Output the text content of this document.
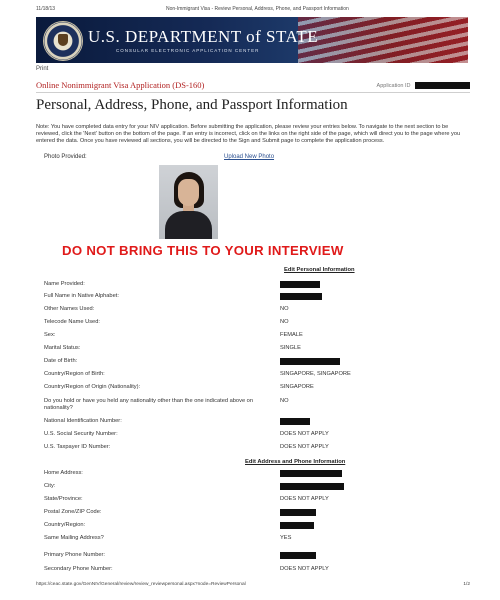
11/18/13	Non-Immigrant Visa - Review Personal, Address, Phone, and Passport Information
U.S. DEPARTMENT of STATE
CONSULAR ELECTRONIC APPLICATION CENTER
Print
Online Nonimmigrant Visa Application (DS-160)	Application ID
Personal, Address, Phone, and Passport Information
Note: You have completed data entry for your NIV application. Before submitting the application, please review your entries below. To navigate to the next section to be reviewed, click the 'Next' button on the bottom of the page. If an entry is incorrect, click on the links on the right side of the page, which will direct you to the page where you entered the data. Once you have reviewed all sections, you will be directed to the Sign and Submit page to complete the application process.
Photo Provided:	Upload New Photo
DO NOT BRING THIS TO YOUR INTERVIEW
Edit Personal Information
Name Provided:
Full Name in Native Alphabet:
Other Names Used:	NO
Telecode Name Used:	NO
Sex:	FEMALE
Marital Status:	SINGLE
Date of Birth:
Country/Region of Birth:	SINGAPORE, SINGAPORE
Country/Region of Origin (Nationality):	SINGAPORE
Do you hold or have you held any nationality other than the one indicated above on nationality?
NO
National Identification Number:
U.S. Social Security Number:	DOES NOT APPLY
U.S. Taxpayer ID Number:	DOES NOT APPLY
Edit Address and Phone Information
Home Address:
City:
State/Province:	DOES NOT APPLY
Postal Zone/ZIP Code:
Country/Region:
Same Mailing Address?	YES
Primary Phone Number:
Secondary Phone Number:	DOES NOT APPLY
https://ceac.state.gov/GenNIV/General/review/review_reviewpersonal.aspx?node=ReviewPersonal	1/2
